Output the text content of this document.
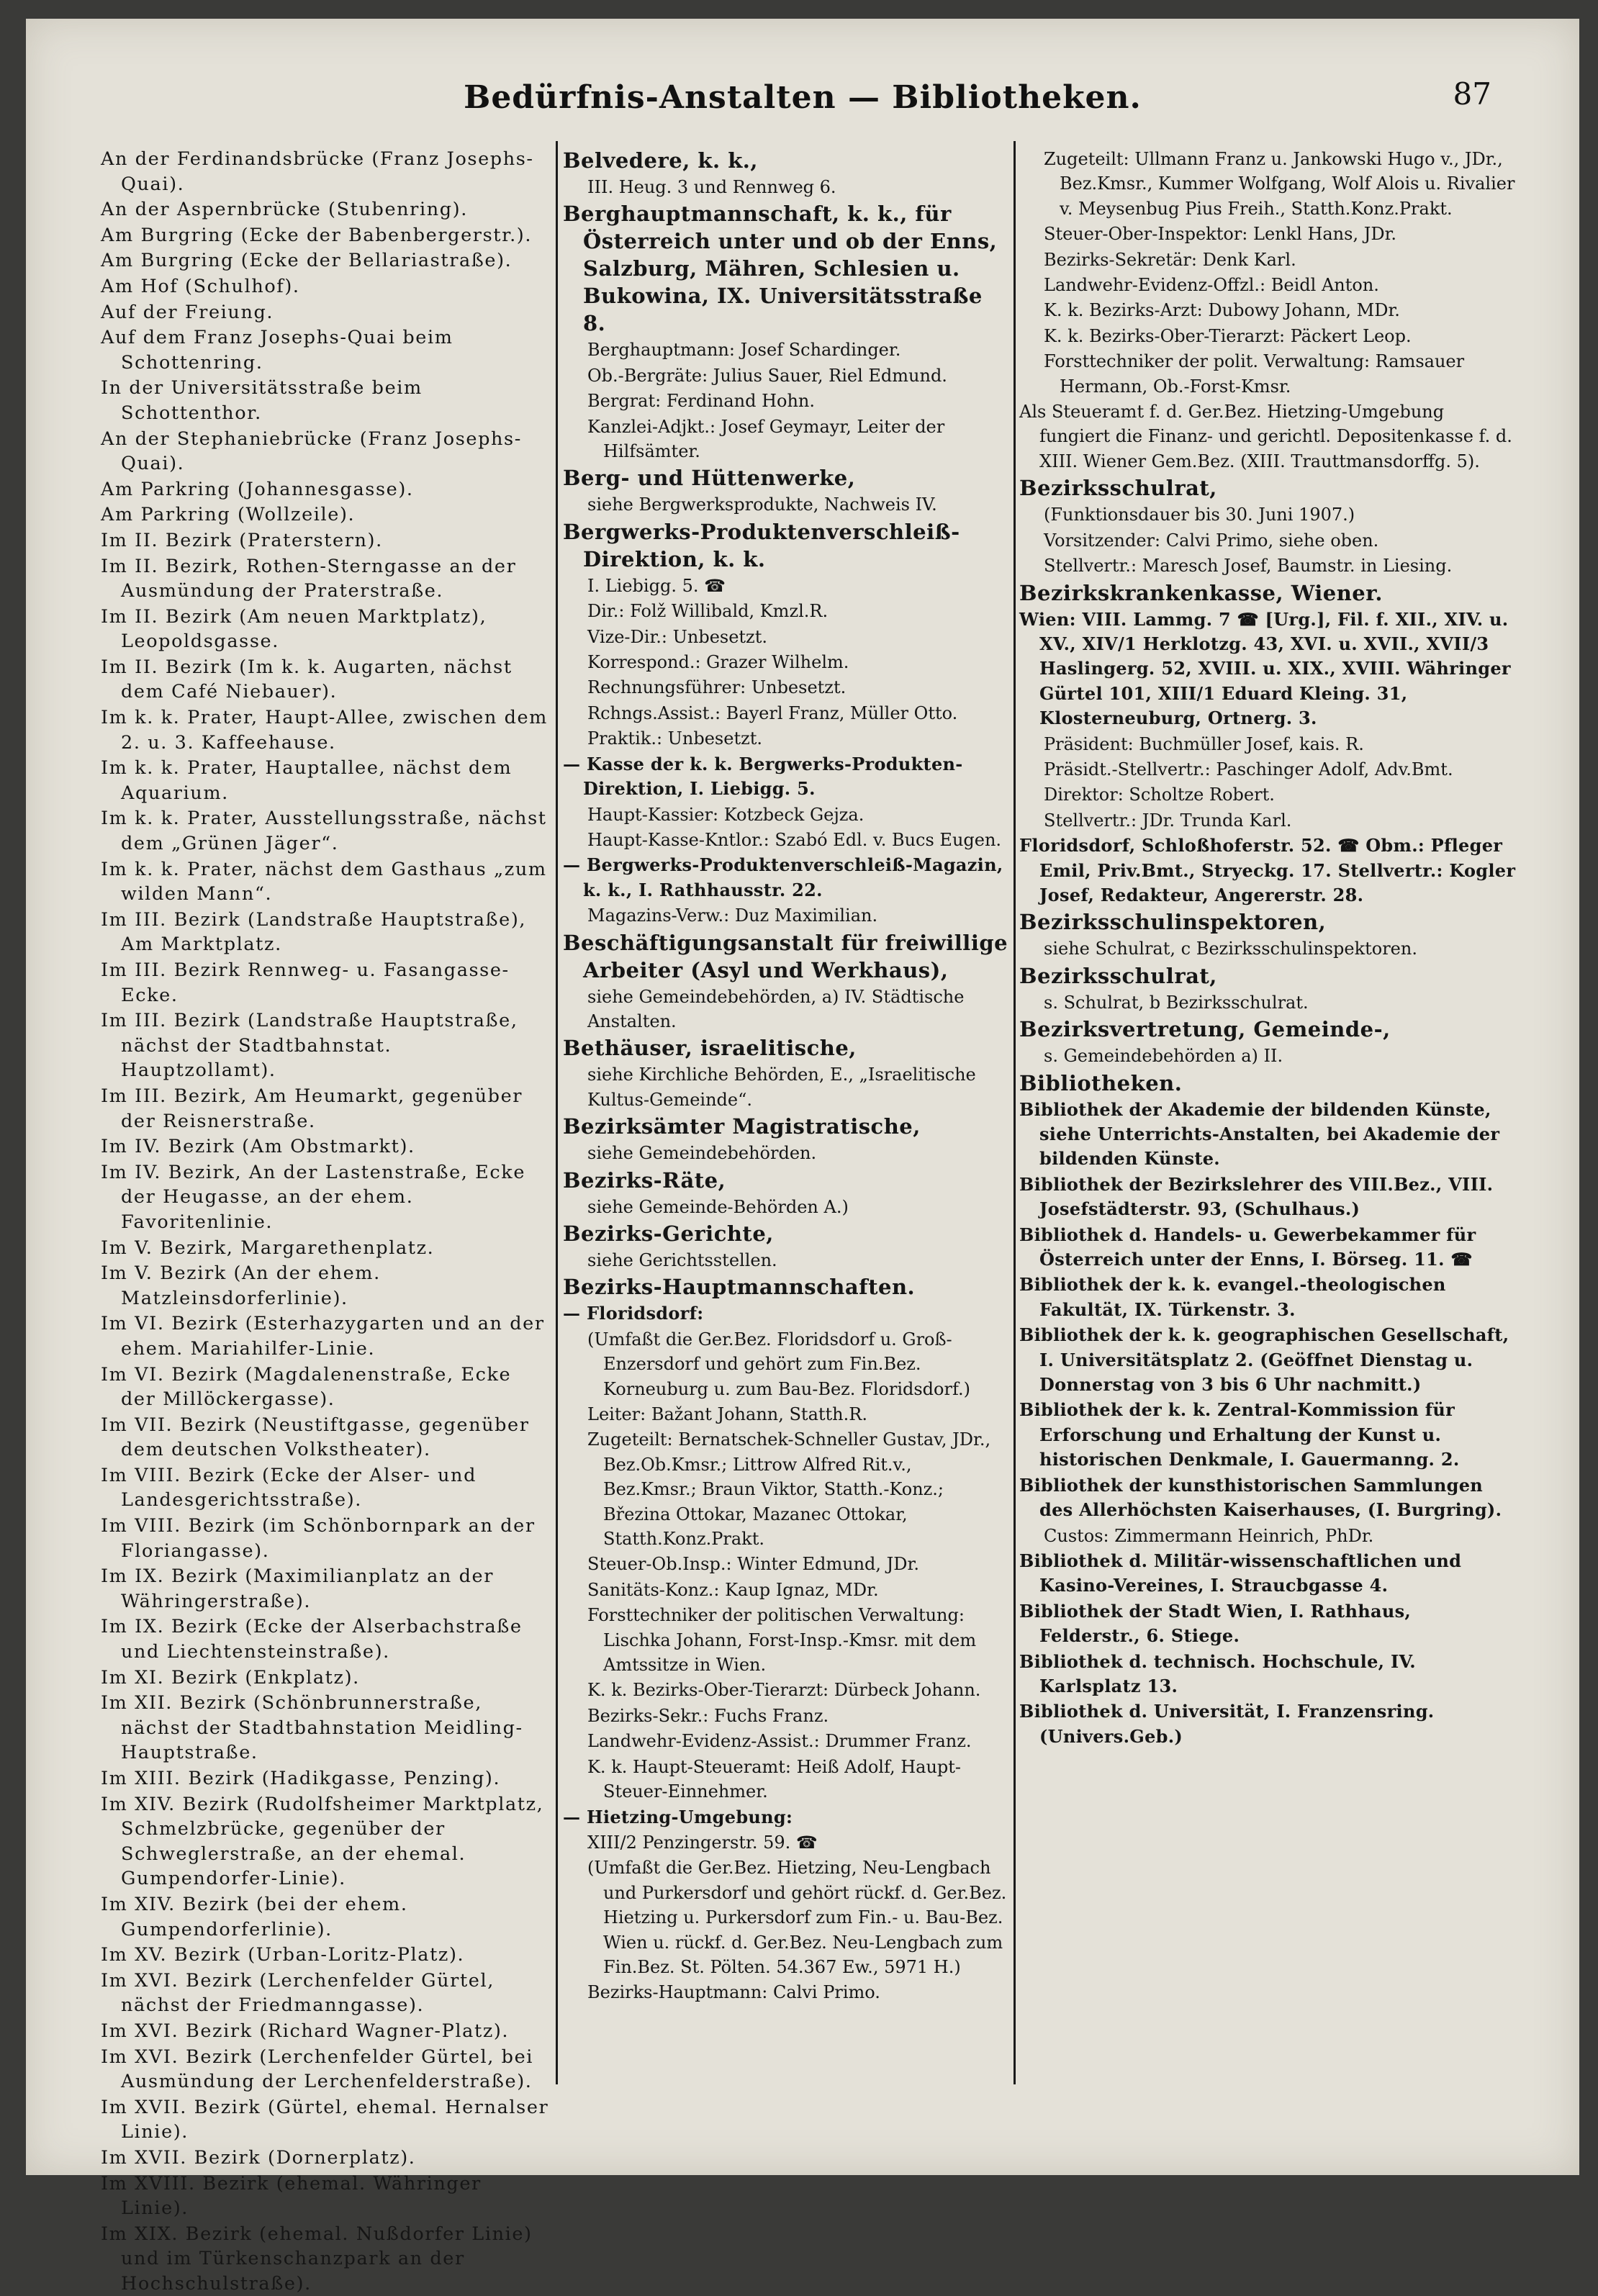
Bedürfnis-Anstalten — Bibliotheken.	87
An der Ferdinandsbrücke (Franz Josephs-Quai).
An der Aspernbrücke (Stubenring).
Am Burgring (Ecke der Babenbergerstr.).
Am Burgring (Ecke der Bellariastraße).
Am Hof (Schulhof).
Auf der Freiung.
Auf dem Franz Josephs-Quai beim Schottenring.
In der Universitätsstraße beim Schottenthor.
An der Stephaniebrücke (Franz Josephs-Quai).
Am Parkring (Johannesgasse).
Am Parkring (Wollzeile).
Im II. Bezirk (Praterstern).
Im II. Bezirk, Rothen-Sterngasse an der Ausmündung der Praterstraße.
Im II. Bezirk (Am neuen Marktplatz), Leopoldsgasse.
Im II. Bezirk (Im k. k. Augarten, nächst dem Café Niebauer).
Im k. k. Prater, Haupt-Allee, zwischen dem 2. u. 3. Kaffeehause.
Im k. k. Prater, Hauptallee, nächst dem Aquarium.
Im k. k. Prater, Ausstellungsstraße, nächst dem „Grünen Jäger“.
Im k. k. Prater, nächst dem Gasthaus „zum wilden Mann“.
Im III. Bezirk (Landstraße Hauptstraße), Am Marktplatz.
Im III. Bezirk Rennweg- u. Fasangasse-Ecke.
Im III. Bezirk (Landstraße Hauptstraße, nächst der Stadtbahnstat. Hauptzollamt).
Im III. Bezirk, Am Heumarkt, gegenüber der Reisnerstraße.
Im IV. Bezirk (Am Obstmarkt).
Im IV. Bezirk, An der Lastenstraße, Ecke der Heugasse, an der ehem. Favoritenlinie.
Im V. Bezirk, Margarethenplatz.
Im V. Bezirk (An der ehem. Matzleinsdorferlinie).
Im VI. Bezirk (Esterhazygarten und an der ehem. Mariahilfer-Linie.
Im VI. Bezirk (Magdalenenstraße, Ecke der Millöckergasse).
Im VII. Bezirk (Neustiftgasse, gegenüber dem deutschen Volkstheater).
Im VIII. Bezirk (Ecke der Alser- und Landesgerichtsstraße).
Im VIII. Bezirk (im Schönbornpark an der Floriangasse).
Im IX. Bezirk (Maximilianplatz an der Währingerstraße).
Im IX. Bezirk (Ecke der Alserbachstraße und Liechtensteinstraße).
Im XI. Bezirk (Enkplatz).
Im XII. Bezirk (Schönbrunnerstraße, nächst der Stadtbahnstation Meidling-Hauptstraße.
Im XIII. Bezirk (Hadikgasse, Penzing).
Im XIV. Bezirk (Rudolfsheimer Marktplatz, Schmelzbrücke, gegenüber der Schweglerstraße, an der ehemal. Gumpendorfer-Linie).
Im XIV. Bezirk (bei der ehem. Gumpendorferlinie).
Im XV. Bezirk (Urban-Loritz-Platz).
Im XVI. Bezirk (Lerchenfelder Gürtel, nächst der Friedmanngasse).
Im XVI. Bezirk (Richard Wagner-Platz).
Im XVI. Bezirk (Lerchenfelder Gürtel, bei Ausmündung der Lerchenfelderstraße).
Im XVII. Bezirk (Gürtel, ehemal. Hernalser Linie).
Im XVII. Bezirk (Dornerplatz).
Im XVIII. Bezirk (ehemal. Währinger Linie).
Im XIX. Bezirk (ehemal. Nußdorfer Linie) und im Türkenschanzpark an der Hochschulstraße).
Belvedere, k. k.,
III. Heug. 3 und Rennweg 6.
Berghauptmannschaft, k. k., für Österreich unter und ob der Enns, Salzburg, Mähren, Schlesien u. Bukowina, IX. Universitätsstraße 8.
Berghauptmann: Josef Schardinger.
Ob.-Bergräte: Julius Sauer, Riel Edmund.
Bergrat: Ferdinand Hohn.
Kanzlei-Adjkt.: Josef Geymayr, Leiter der Hilfsämter.
Berg- und Hüttenwerke,
siehe Bergwerksprodukte, Nachweis IV.
Bergwerks-Produktenverschleiß-Direktion, k. k.
I. Liebigg. 5. ☎
Dir.: Folž Willibald, Kmzl.R.
Vize-Dir.: Unbesetzt.
Korrespond.: Grazer Wilhelm.
Rechnungsführer: Unbesetzt.
Rchngs.Assist.: Bayerl Franz, Müller Otto.
Praktik.: Unbesetzt.
— Kasse der k. k. Bergwerks-Produkten-Direktion, I. Liebigg. 5.
Haupt-Kassier: Kotzbeck Gejza.
Haupt-Kasse-Kntlor.: Szabó Edl. v. Bucs Eugen.
— Bergwerks-Produktenverschleiß-Magazin, k. k., I. Rathhausstr. 22.
Magazins-Verw.: Duz Maximilian.
Beschäftigungsanstalt für freiwillige Arbeiter (Asyl und Werkhaus),
siehe Gemeindebehörden, a) IV. Städtische Anstalten.
Bethäuser, israelitische,
siehe Kirchliche Behörden, E., „Israelitische Kultus-Gemeinde“.
Bezirksämter Magistratische,
siehe Gemeindebehörden.
Bezirks-Räte,
siehe Gemeinde-Behörden A.)
Bezirks-Gerichte,
siehe Gerichtsstellen.
Bezirks-Hauptmannschaften.
— Floridsdorf:
(Umfaßt die Ger.Bez. Floridsdorf u. Groß-Enzersdorf und gehört zum Fin.Bez. Korneuburg u. zum Bau-Bez. Floridsdorf.)
Leiter: Bažant Johann, Statth.R.
Zugeteilt: Bernatschek-Schneller Gustav, JDr., Bez.Ob.Kmsr.; Littrow Alfred Rit.v., Bez.Kmsr.; Braun Viktor, Statth.-Konz.; Březina Ottokar, Mazanec Ottokar, Statth.Konz.Prakt.
Steuer-Ob.Insp.: Winter Edmund, JDr.
Sanitäts-Konz.: Kaup Ignaz, MDr.
Forsttechniker der politischen Verwaltung: Lischka Johann, Forst-Insp.-Kmsr. mit dem Amtssitze in Wien.
K. k. Bezirks-Ober-Tierarzt: Dürbeck Johann.
Bezirks-Sekr.: Fuchs Franz.
Landwehr-Evidenz-Assist.: Drummer Franz.
K. k. Haupt-Steueramt: Heiß Adolf, Haupt-Steuer-Einnehmer.
— Hietzing-Umgebung:
XIII/2 Penzingerstr. 59. ☎
(Umfaßt die Ger.Bez. Hietzing, Neu-Lengbach und Purkersdorf und gehört rückf. d. Ger.Bez. Hietzing u. Purkersdorf zum Fin.- u. Bau-Bez. Wien u. rückf. d. Ger.Bez. Neu-Lengbach zum Fin.Bez. St. Pölten. 54.367 Ew., 5971 H.)
Bezirks-Hauptmann: Calvi Primo.
Zugeteilt: Ullmann Franz u. Jankowski Hugo v., JDr., Bez.Kmsr., Kummer Wolfgang, Wolf Alois u. Rivalier v. Meysenbug Pius Freih., Statth.Konz.Prakt.
Steuer-Ober-Inspektor: Lenkl Hans, JDr.
Bezirks-Sekretär: Denk Karl.
Landwehr-Evidenz-Offzl.: Beidl Anton.
K. k. Bezirks-Arzt: Dubowy Johann, MDr.
K. k. Bezirks-Ober-Tierarzt: Päckert Leop.
Forsttechniker der polit. Verwaltung: Ramsauer Hermann, Ob.-Forst-Kmsr.
Als Steueramt f. d. Ger.Bez. Hietzing-Umgebung fungiert die Finanz- und gerichtl. Depositenkasse f. d. XIII. Wiener Gem.Bez. (XIII. Trauttmansdorffg. 5).
Bezirksschulrat,
(Funktionsdauer bis 30. Juni 1907.)
Vorsitzender: Calvi Primo, siehe oben.
Stellvertr.: Maresch Josef, Baumstr. in Liesing.
Bezirkskrankenkasse, Wiener.
Wien: VIII. Lammg. 7 ☎ [Urg.], Fil. f. XII., XIV. u. XV., XIV/1 Herklotzg. 43, XVI. u. XVII., XVII/3 Haslingerg. 52, XVIII. u. XIX., XVIII. Währinger Gürtel 101, XIII/1 Eduard Kleing. 31, Klosterneuburg, Ortnerg. 3.
Präsident: Buchmüller Josef, kais. R.
Präsidt.-Stellvertr.: Paschinger Adolf, Adv.Bmt.
Direktor: Scholtze Robert.
Stellvertr.: JDr. Trunda Karl.
Floridsdorf, Schloßhoferstr. 52. ☎ Obm.: Pfleger Emil, Priv.Bmt., Stryeckg. 17. Stellvertr.: Kogler Josef, Redakteur, Angererstr. 28.
Bezirksschulinspektoren,
siehe Schulrat, c Bezirksschulinspektoren.
Bezirksschulrat,
s. Schulrat, b Bezirksschulrat.
Bezirksvertretung, Gemeinde-,
s. Gemeindebehörden a) II.
Bibliotheken.
Bibliothek der Akademie der bildenden Künste, siehe Unterrichts-Anstalten, bei Akademie der bildenden Künste.
Bibliothek der Bezirkslehrer des VIII.Bez., VIII. Josefstädterstr. 93, (Schulhaus.)
Bibliothek d. Handels- u. Gewerbekammer für Österreich unter der Enns, I. Börseg. 11. ☎
Bibliothek der k. k. evangel.-theologischen Fakultät, IX. Türkenstr. 3.
Bibliothek der k. k. geographischen Gesellschaft, I. Universitätsplatz 2. (Geöffnet Dienstag u. Donnerstag von 3 bis 6 Uhr nachmitt.)
Bibliothek der k. k. Zentral-Kommission für Erforschung und Erhaltung der Kunst u. historischen Denkmale, I. Gauermanng. 2.
Bibliothek der kunsthistorischen Sammlungen des Allerhöchsten Kaiserhauses, (I. Burgring).
Custos: Zimmermann Heinrich, PhDr.
Bibliothek d. Militär-wissenschaftlichen und Kasino-Vereines, I. Straucbgasse 4.
Bibliothek der Stadt Wien, I. Rathhaus, Felderstr., 6. Stiege.
Bibliothek d. technisch. Hochschule, IV. Karlsplatz 13.
Bibliothek d. Universität, I. Franzensring. (Univers.Geb.)
